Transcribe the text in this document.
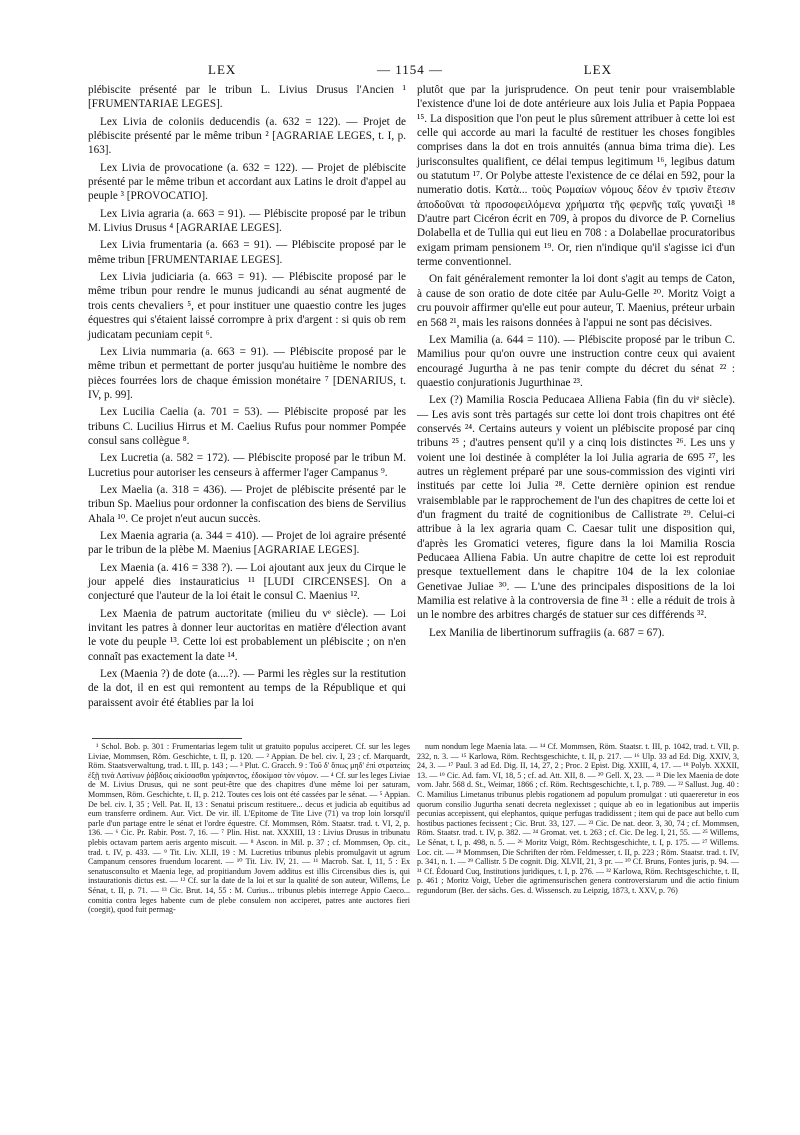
LEX	— 1154 —	LEX

plébiscite présenté par le tribun L. Livius Drusus l'Ancien ¹ [FRUMENTARIAE LEGES].

Lex Livia de coloniis deducendis (a. 632 = 122). — Projet de plébiscite présenté par le même tribun ² [AGRARIAE LEGES, t. I, p. 163].

Lex Livia de provocatione (a. 632 = 122). — Projet de plébiscite présenté par le même tribun et accordant aux Latins le droit d'appel au peuple ³ [PROVOCATIO].

Lex Livia agraria (a. 663 = 91). — Plébiscite proposé par le tribun M. Livius Drusus ⁴ [AGRARIAE LEGES].

Lex Livia frumentaria (a. 663 = 91). — Plébiscite proposé par le même tribun [FRUMENTARIAE LEGES].

Lex Livia judiciaria (a. 663 = 91). — Plébiscite proposé par le même tribun pour rendre le munus judicandi au sénat augmenté de trois cents chevaliers ⁵, et pour instituer une quaestio contre les juges équestres qui s'étaient laissé corrompre à prix d'argent : si quis ob rem judicatam pecuniam cepit ⁶.

Lex Livia nummaria (a. 663 = 91). — Plébiscite proposé par le même tribun et permettant de porter jusqu'au huitième le nombre des pièces fourrées lors de chaque émission monétaire ⁷ [DENARIUS, t. IV, p. 99].

Lex Lucilia Caelia (a. 701 = 53). — Plébiscite proposé par les tribuns C. Lucilius Hirrus et M. Caelius Rufus pour nommer Pompée consul sans collègue ⁸.

Lex Lucretia (a. 582 = 172). — Plébiscite proposé par le tribun M. Lucretius pour autoriser les censeurs à affermer l'ager Campanus ⁹.

Lex Maelia (a. 318 = 436). — Projet de plébiscite présenté par le tribun Sp. Maelius pour ordonner la confiscation des biens de Servilius Ahala ¹⁰. Ce projet n'eut aucun succès.

Lex Maenia agraria (a. 344 = 410). — Projet de loi agraire présenté par le tribun de la plèbe M. Maenius [AGRARIAE LEGES].

Lex Maenia (a. 416 = 338 ?). — Loi ajoutant aux jeux du Cirque le jour appelé dies instauraticius ¹¹ [LUDI CIRCENSES]. On a conjecturé que l'auteur de la loi était le consul C. Maenius ¹².

Lex Maenia de patrum auctoritate (milieu du vᵉ siècle). — Loi invitant les patres à donner leur auctoritas en matière d'élection avant le vote du peuple ¹³. Cette loi est probablement un plébiscite ; on n'en connaît pas exactement la date ¹⁴.

Lex (Maenia ?) de dote (a....?). — Parmi les règles sur la restitution de la dot, il en est qui remontent au temps de la République et qui paraissent avoir été établies par la loi

plutôt que par la jurisprudence. On peut tenir pour vraisemblable l'existence d'une loi de dote antérieure aux lois Julia et Papia Poppaea ¹⁵. La disposition que l'on peut le plus sûrement attribuer à cette loi est celle qui accorde au mari la faculté de restituer les choses fongibles comprises dans la dot en trois annuités (annua bima trima die). Les jurisconsultes qualifient, ce délai tempus legitimum ¹⁶, legibus datum ou statutum ¹⁷. Or Polybe atteste l'existence de ce délai en 592, pour la numeratio dotis. Κατὰ... τοὺς Ρωμαίων νόμους δέον ἐν τρισὶν ἔτεσιν ἀποδοῦναι τὰ προσοφειλόμενα χρήματα τῆς φερνῆς ταῖς γυναιξὶ ¹⁸ D'autre part Cicéron écrit en 709, à propos du divorce de P. Cornelius Dolabella et de Tullia qui eut lieu en 708 : a Dolabellae procuratoribus exigam primam pensionem ¹⁹. Or, rien n'indique qu'il s'agisse ici d'un terme conventionnel.

On fait généralement remonter la loi dont s'agit au temps de Caton, à cause de son oratio de dote citée par Aulu-Gelle ²⁰. Moritz Voigt a cru pouvoir affirmer qu'elle eut pour auteur, T. Maenius, préteur urbain en 568 ²¹, mais les raisons données à l'appui ne sont pas décisives.

Lex Mamilia (a. 644 = 110). — Plébiscite proposé par le tribun C. Mamilius pour qu'on ouvre une instruction contre ceux qui avaient encouragé Jugurtha à ne pas tenir compte du décret du sénat ²² : quaestio conjurationis Jugurthinae ²³.

Lex (?) Mamilia Roscia Peducaea Alliena Fabia (fin du viᵉ siècle). — Les avis sont très partagés sur cette loi dont trois chapitres ont été conservés ²⁴. Certains auteurs y voient un plébiscite proposé par cinq tribuns ²⁵ ; d'autres pensent qu'il y a cinq lois distinctes ²⁶. Les uns y voient une loi destinée à compléter la loi Julia agraria de 695 ²⁷, les autres un règlement préparé par une sous-commission des viginti viri institués par cette loi Julia ²⁸. Cette dernière opinion est rendue vraisemblable par le rapprochement de l'un des chapitres de cette loi et d'un fragment du traité de cognitionibus de Callistrate ²⁹. Celui-ci attribue à la lex agraria quam C. Caesar tulit une disposition qui, d'après les Gromatici veteres, figure dans la loi Mamilia Roscia Peducaea Alliena Fabia. Un autre chapitre de cette loi est reproduit presque textuellement dans le chapitre 104 de la lex coloniae Genetivae Juliae ³⁰. — L'une des principales dispositions de la loi Mamilia est relative à la controversia de fine ³¹ : elle a réduit de trois à un le nombre des arbitres chargés de statuer sur ces différends ³².

Lex Manilia de libertinorum suffragiis (a. 687 = 67).

¹ Schol. Bob. p. 301 : Frumentarias legem tulit ut gratuito populus acciperet. Cf. sur les leges Liviae, Mommsen, Röm. Geschichte, t. II, p. 120. — ² Appian. De bel. civ. I, 23 ; cf. Marquardt, Röm. Staatsverwaltung, trad. t. III, p. 143 ; — ³ Plut. C. Gracch. 9 : Τοῦ δ' ὅπως μηδ' ἐπὶ στρατείας ἐξῇ τινὰ Λατίνων ῥάβδοις αἰκίσασθαι γράψαντος, ἐδοκίμασ τὸν νόμον. — ⁴ Cf. sur les leges Liviae de M. Livius Drusus, qui ne sont peut-être que des chapitres d'une même loi per saturam, Mommsen, Röm. Geschichte, t. II, p. 212. Toutes ces lois ont été cassées par le sénat. — ⁵ Appian. De bel. civ. I, 35 ; Vell. Pat. II, 13 : Senatui priscum restituere... decus et judicia ab equitibus ad eum transferre ordinem. Aur. Vict. De vir. ill. L'Epitome de Tite Live (71) va trop loin lorsqu'il parle d'un partage entre le sénat et l'ordre équestre. Cf. Mommsen, Röm. Staatsr. trad. t. VI, 2, p. 136. — ⁶ Cic. Pr. Rabir. Post. 7, 16. — ⁷ Plin. Hist. nat. XXXIII, 13 : Livius Drusus in tribunatu plebis octavam partem aeris argento miscuit. — ⁸ Ascon. in Mil. p. 37 ; cf. Mommsen, Op. cit., trad. t. IV, p. 433. — ⁹ Tit. Liv. XLII, 19 : M. Lucretius tribunus plebis promulgavit ut agrum Campanum censores fruendum locarent. — ¹⁰ Tit. Liv. IV, 21. — ¹¹ Macrob. Sat. I, 11, 5 : Ex senatusconsulto et Maenia lege, ad propitiandum Jovem additus est illis Circensibus dies is, qui instaurationis dictus est. — ¹² Cf. sur la date de la loi et sur la qualité de son auteur, Willems, Le Sénat, t. II, p. 71. — ¹³ Cic. Brut. 14, 55 : M. Curius... tribunus plebis interrege Appio Caeco... comitia contra leges habente cum de plebe consulem non acciperet, patres ante auctores fieri (coegit), quod fuit permag-

num nondum lege Maenia lata. — ¹⁴ Cf. Mommsen, Röm. Staatsr. t. III, p. 1042, trad. t. VII, p. 232, n. 3. — ¹⁵ Karlowa, Röm. Rechtsgeschichte, t. II, p. 217. — ¹⁶ Ulp. 33 ad Ed. Dig. XXIV, 3, 24, 3. — ¹⁷ Paul. 3 ad Ed. Dig. II, 14, 27, 2 ; Proc. 2 Epist. Dig. XXIII, 4, 17. — ¹⁸ Polyb. XXXII, 13. — ¹⁹ Cic. Ad. fam. VI, 18, 5 ; cf. ad. Att. XII, 8. — ²⁰ Gell. X, 23. — ²¹ Die lex Maenia de dote vom. Jahr. 568 d. St., Weimar, 1866 ; cf. Röm. Rechtsgeschichte, t. I, p. 789. — ²² Sallust. Jug. 40 : C. Mamilius Limetanus tribunus plebis rogationem ad populum promulgat : uti quaereretur in eos quorum consilio Jugurtha senati decreta neglexisset ; quique ab eo in legationibus aut imperiis pecunias accepissent, qui elephantos, quique perfugas tradidissent ; item qui de pace aut bello cum hostibus pactiones fecissent ; Cic. Brut. 33, 127. — ²³ Cic. De nat. deor. 3, 30, 74 ; cf. Mommsen, Röm. Staatsr. trad. t. IV, p. 382. — ²⁴ Gromat. vet. t. 263 ; cf. Cic. De leg. I, 21, 55. — ²⁵ Willems, Le Sénat, t. I, p. 498, n. 5. — ²⁶ Moritz Voigt, Röm. Rechtsgeschichte, t. I, p. 175. — ²⁷ Willems. Loc. cit. — ²⁸ Mommsen, Die Schriften der röm. Feldmesser, t. II, p. 223 ; Röm. Staatsr. trad. t. IV, p. 341, n. 1. — ²⁹ Callistr. 5 De cognit. Dig. XLVII, 21, 3 pr. — ³⁰ Cf. Bruns, Fontes juris, p. 94. — ³¹ Cf. Édouard Cuq, Institutions juridiques, t. I, p. 276. — ³² Karlowa, Röm. Rechtsgeschichte, t. II, p. 461 ; Moritz Voigt, Ueber die agrimensurischen genera controversiarum und die actio finium regundorum (Ber. der sächs. Ges. d. Wissensch. zu Leipzig, 1873, t. XXV, p. 76)
